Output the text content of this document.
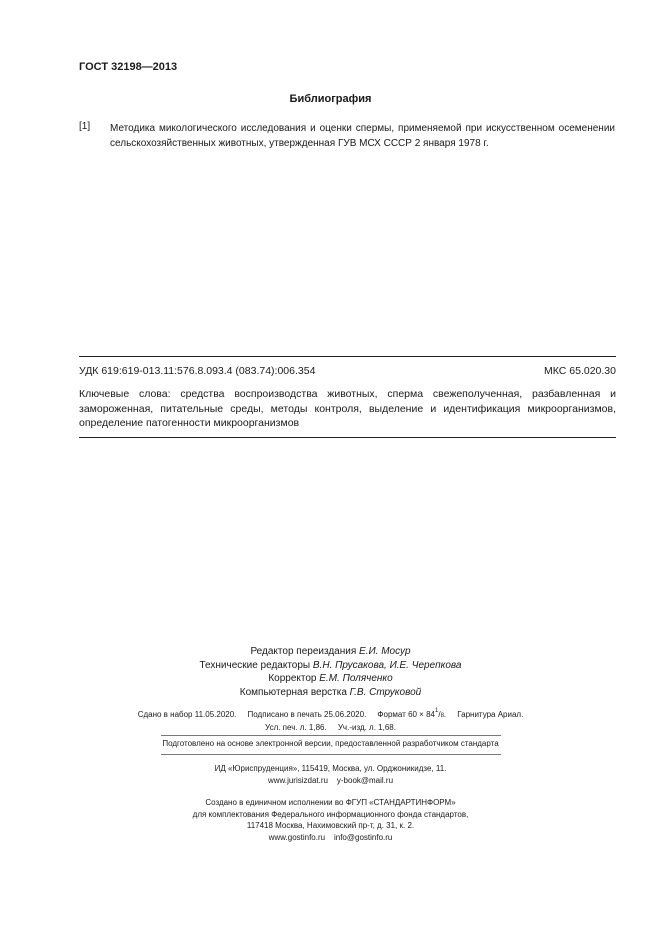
ГОСТ 32198—2013
Библиография
[1] Методика микологического исследования и оценки спермы, применяемой при искусственном осеменении сельскохозяйственных животных, утвержденная ГУВ МСХ СССР 2 января 1978 г.
УДК 619:619-013.11:576.8.093.4 (083.74):006.354	МКС 65.020.30
Ключевые слова: средства воспроизводства животных, сперма свежеполученная, разбавленная и замороженная, питательные среды, методы контроля, выделение и идентификация микроорганизмов, определение патогенности микроорганизмов
Редактор переиздания Е.И. Мосур
Технические редакторы В.Н. Прусакова, И.Е. Черепкова
Корректор Е.М. Поляченко
Компьютерная верстка Г.В. Струковой
Сдано в набор 11.05.2020. Подписано в печать 25.06.2020. Формат $60 \times 84^1/8$. Гарнитура Ариал.
Усл. печ. л. 1,86. Уч.-изд. л. 1,68.
Подготовлено на основе электронной версии, предоставленной разработчиком стандарта
ИД «Юриспруденция», 115419, Москва, ул. Орджоникидзе, 11.
www.jurisizdat.ru y-book@mail.ru
Создано в единичном исполнении во ФГУП «СТАНДАРТИНФОРМ»
для комплектования Федерального информационного фонда стандартов,
117418 Москва, Нахимовский пр-т, д. 31, к. 2.
www.gostinfo.ru info@gostinfo.ru
